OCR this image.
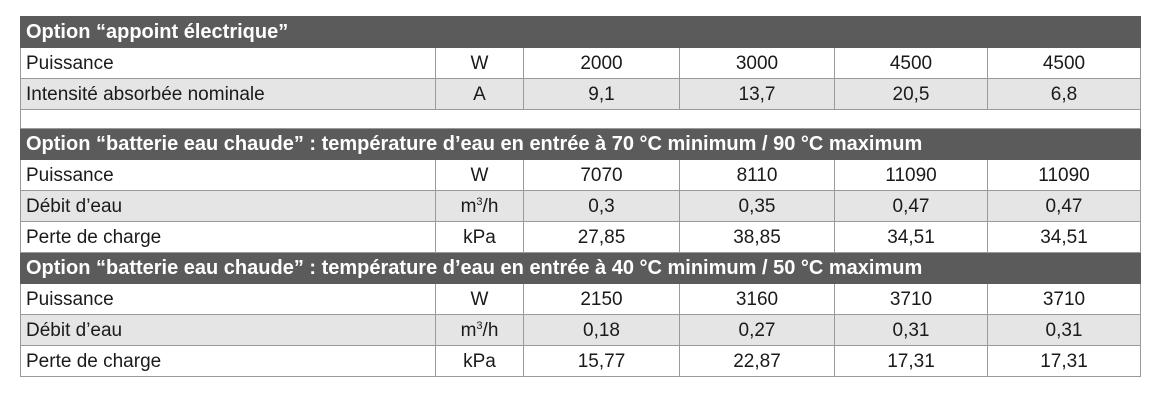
Option “appoint électrique”					
Puissance	W	2000	3000	4500	4500
Intensité absorbée nominale	A	9,1	13,7	20,5	6,8

Option “batterie eau chaude” : température d’eau en entrée à 70 °C minimum / 90 °C maximum					
Puissance	W	7070	8110	11090	11090
Débit d’eau	$m^3/h$	0,3	0,35	0,47	0,47
Perte de charge	kPa	27,85	38,85	34,51	34,51
Option “batterie eau chaude” : température d’eau en entrée à 40 °C minimum / 50 °C maximum					
Puissance	W	2150	3160	3710	3710
Débit d’eau	$m^3/h$	0,18	0,27	0,31	0,31
Perte de charge	kPa	15,77	22,87	17,31	17,31
